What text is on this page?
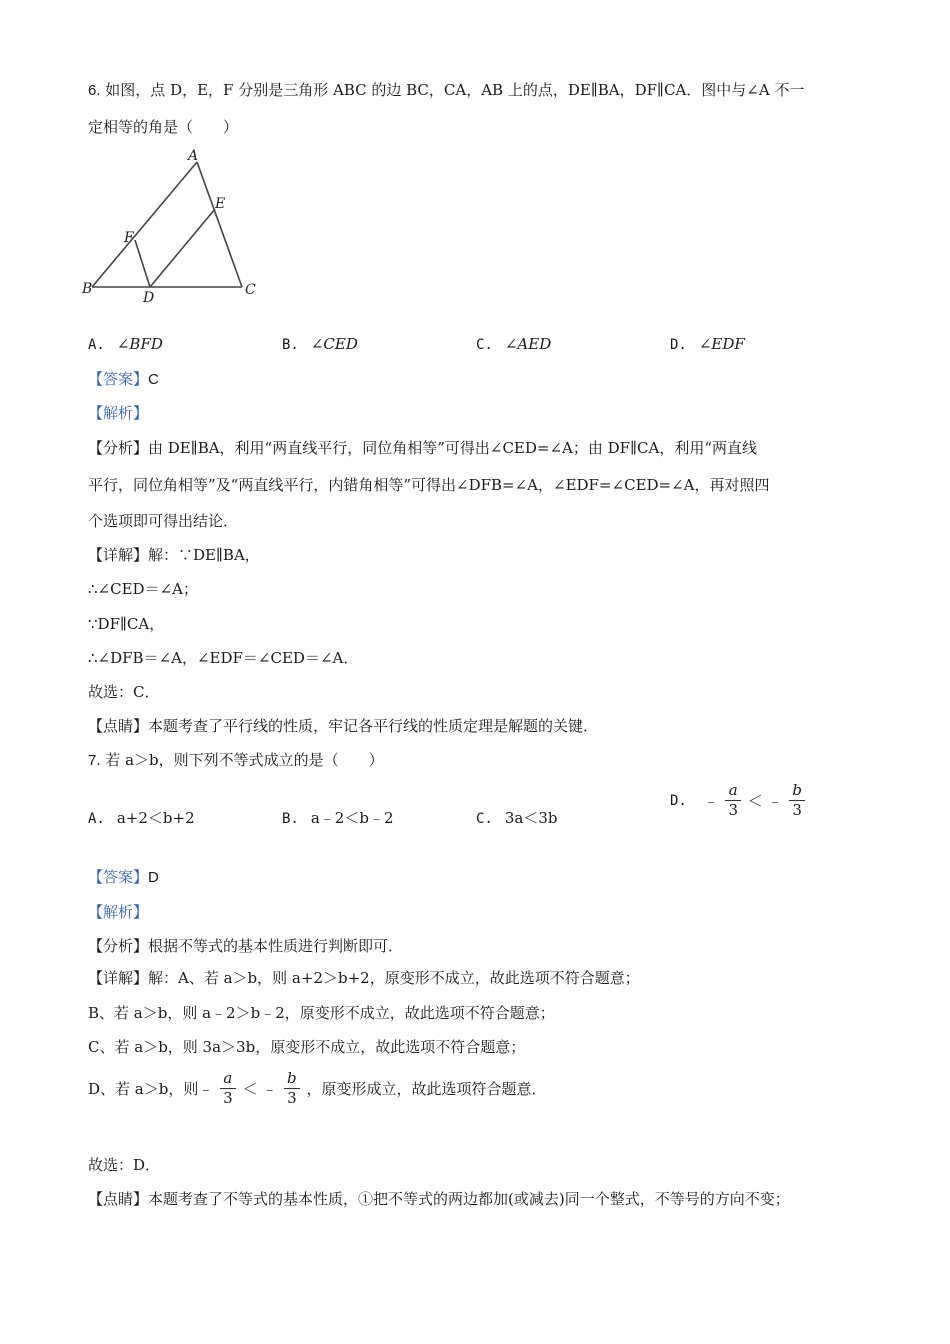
6. 如图，点 D，E，F 分别是三角形 ABC 的边 BC，CA，AB 上的点，DE∥BA，DF∥CA．图中与∠A 不一
定相等的角是（　　）
A
B	C
D
E
F
A. ∠BFD	B. ∠CED	C. ∠AED	D. ∠EDF
【答案】C
【解析】
【分析】由 DE∥BA，利用“两直线平行，同位角相等”可得出∠CED=∠A；由 DF∥CA，利用“两直线
平行，同位角相等”及“两直线平行，内错角相等”可得出∠DFB=∠A，∠EDF=∠CED=∠A，再对照四
个选项即可得出结论．
【详解】解：∵DE∥BA，
∴∠CED＝∠A；
∵DF∥CA，
∴∠DFB＝∠A，∠EDF＝∠CED＝∠A．
故选：C．
【点睛】本题考查了平行线的性质，牢记各平行线的性质定理是解题的关键．
7. 若 a＞b，则下列不等式成立的是（　　）
A. a+2＜b+2	B. a﹣2＜b﹣2	C. 3a＜3b
D. ﹣ $\frac{a}{3}$ ＜ ﹣ $\frac{b}{3}$
【答案】D
【解析】
【分析】根据不等式的基本性质进行判断即可．
【详解】解：A、若 a＞b，则 a+2＞b+2，原变形不成立，故此选项不符合题意；
B、若 a＞b，则 a﹣2＞b﹣2，原变形不成立，故此选项不符合题意；
C、若 a＞b，则 3a＞3b，原变形不成立，故此选项不符合题意；
D、若 a＞b，则﹣ $\frac{a}{3}$ ＜ ﹣ $\frac{b}{3}$ ，原变形成立，故此选项符合题意．
故选：D．
【点睛】本题考查了不等式的基本性质，①把不等式的两边都加(或减去)同一个整式，不等号的方向不变；
